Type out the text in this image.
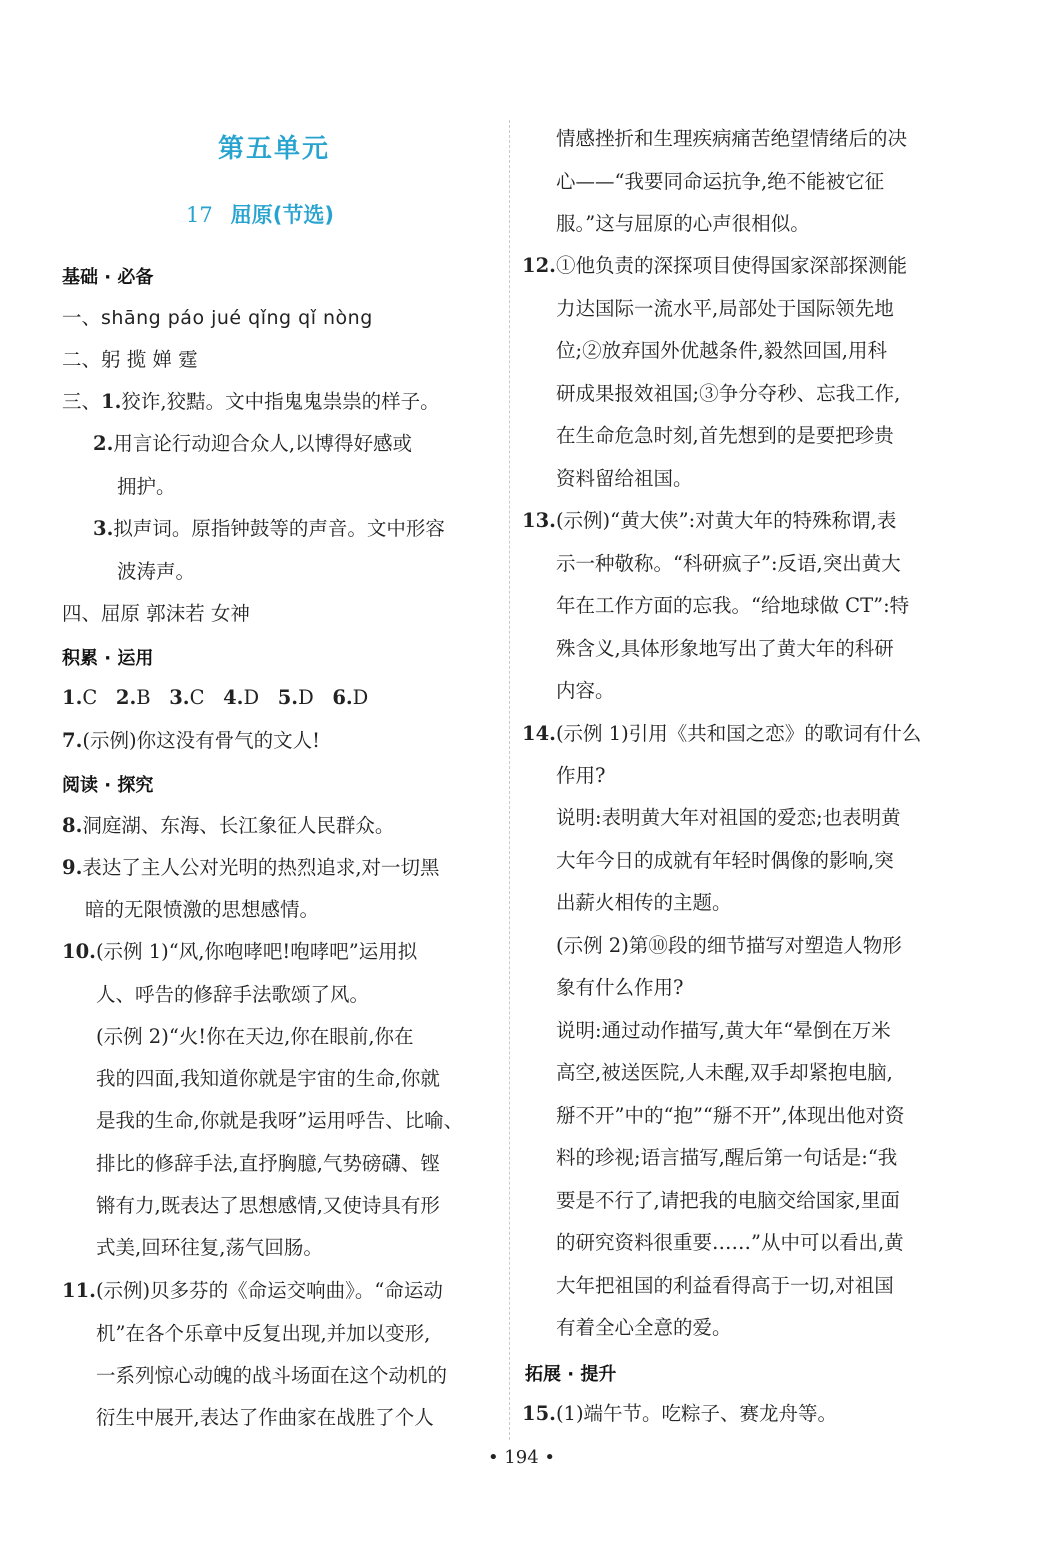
第五单元
17 屈原(节选)
基础 · 必备
一、shāng páo jué qǐng qǐ nòng
二、躬 揽 婵 霆
三、1.狡诈,狡黠。文中指鬼鬼祟祟的样子。
2.用言论行动迎合众人,以博得好感或
拥护。
3.拟声词。原指钟鼓等的声音。文中形容
波涛声。
四、屈原 郭沫若 女神
积累 · 运用
1.C 2.B 3.C 4.D 5.D 6.D
7.(示例)你这没有骨气的文人!
阅读 · 探究
8.洞庭湖、东海、长江象征人民群众。
9.表达了主人公对光明的热烈追求,对一切黑
暗的无限愤激的思想感情。
10.(示例 1)“风,你咆哮吧!咆哮吧”运用拟
人、呼告的修辞手法歌颂了风。
(示例 2)“火!你在天边,你在眼前,你在
我的四面,我知道你就是宇宙的生命,你就
是我的生命,你就是我呀”运用呼告、比喻、
排比的修辞手法,直抒胸臆,气势磅礴、铿
锵有力,既表达了思想感情,又使诗具有形
式美,回环往复,荡气回肠。
11.(示例)贝多芬的《命运交响曲》。“命运动
机”在各个乐章中反复出现,并加以变形,
一系列惊心动魄的战斗场面在这个动机的
衍生中展开,表达了作曲家在战胜了个人
情感挫折和生理疾病痛苦绝望情绪后的决
心——“我要同命运抗争,绝不能被它征
服。”这与屈原的心声很相似。
12.①他负责的深探项目使得国家深部探测能
力达国际一流水平,局部处于国际领先地
位;②放弃国外优越条件,毅然回国,用科
研成果报效祖国;③争分夺秒、忘我工作,
在生命危急时刻,首先想到的是要把珍贵
资料留给祖国。
13.(示例)“黄大侠”:对黄大年的特殊称谓,表
示一种敬称。“科研疯子”:反语,突出黄大
年在工作方面的忘我。“给地球做 CT”:特
殊含义,具体形象地写出了黄大年的科研
内容。
14.(示例 1)引用《共和国之恋》的歌词有什么
作用?
说明:表明黄大年对祖国的爱恋;也表明黄
大年今日的成就有年轻时偶像的影响,突
出薪火相传的主题。
(示例 2)第⑩段的细节描写对塑造人物形
象有什么作用?
说明:通过动作描写,黄大年“晕倒在万米
高空,被送医院,人未醒,双手却紧抱电脑,
掰不开”中的“抱”“掰不开”,体现出他对资
料的珍视;语言描写,醒后第一句话是:“我
要是不行了,请把我的电脑交给国家,里面
的研究资料很重要……”从中可以看出,黄
大年把祖国的利益看得高于一切,对祖国
有着全心全意的爱。
拓展 · 提升
15.(1)端午节。吃粽子、赛龙舟等。
• 194 •
